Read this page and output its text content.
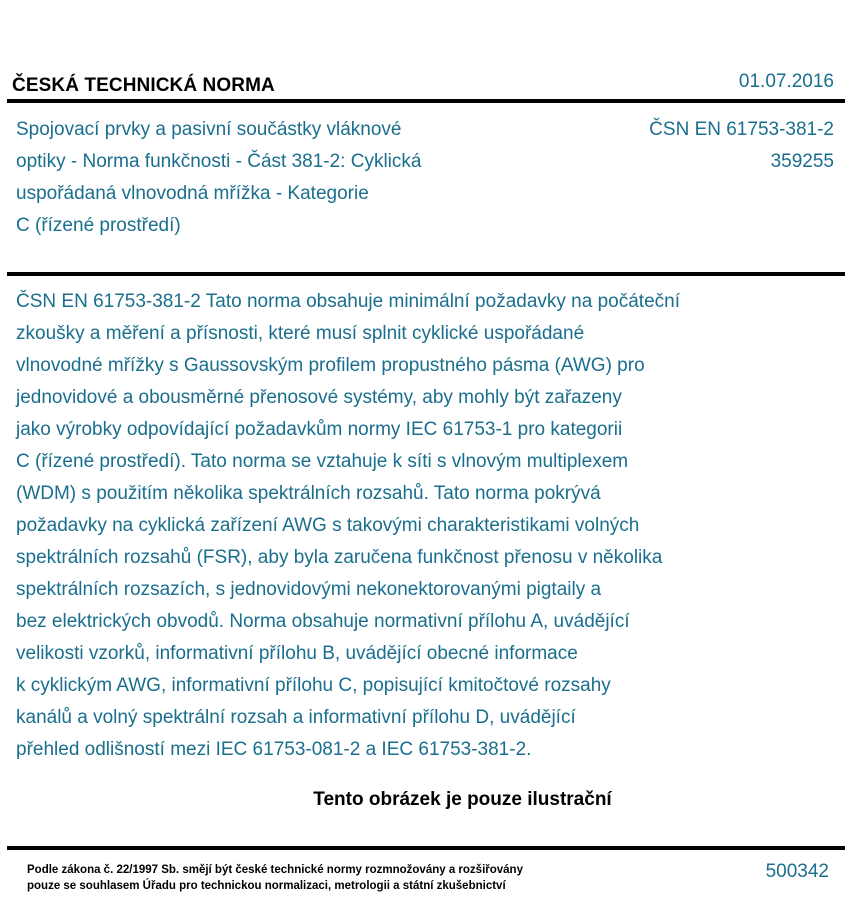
ČESKÁ TECHNICKÁ NORMA	01.07.2016
Spojovací prvky a pasivní součástky vláknové
optiky - Norma funkčnosti - Část 381-2: Cyklická
uspořádaná vlnovodná mřížka - Kategorie
C (řízené prostředí)
ČSN EN 61753-381-2
359255
ČSN EN 61753-381-2 Tato norma obsahuje minimální požadavky na počáteční
zkoušky a měření a přísnosti, které musí splnit cyklické uspořádané
vlnovodné mřížky s Gaussovským profilem propustného pásma (AWG) pro
jednovidové a obousměrné přenosové systémy, aby mohly být zařazeny
jako výrobky odpovídající požadavkům normy IEC 61753-1 pro kategorii
C (řízené prostředí). Tato norma se vztahuje k síti s vlnovým multiplexem
(WDM) s použitím několika spektrálních rozsahů. Tato norma pokrývá
požadavky na cyklická zařízení AWG s takovými charakteristikami volných
spektrálních rozsahů (FSR), aby byla zaručena funkčnost přenosu v několika
spektrálních rozsazích, s jednovidovými nekonektorovanými pigtaily a
bez elektrických obvodů. Norma obsahuje normativní přílohu A, uvádějící
velikosti vzorků, informativní přílohu B, uvádějící obecné informace
k cyklickým AWG, informativní přílohu C, popisující kmitočtové rozsahy
kanálů a volný spektrální rozsah a informativní přílohu D, uvádějící
přehled odlišností mezi IEC 61753-081-2 a IEC 61753-381-2.
Tento obrázek je pouze ilustrační
Podle zákona č. 22/1997 Sb. smějí být české technické normy rozmnožovány a rozšiřovány
pouze se souhlasem Úřadu pro technickou normalizaci, metrologii a státní zkušebnictví
500342
